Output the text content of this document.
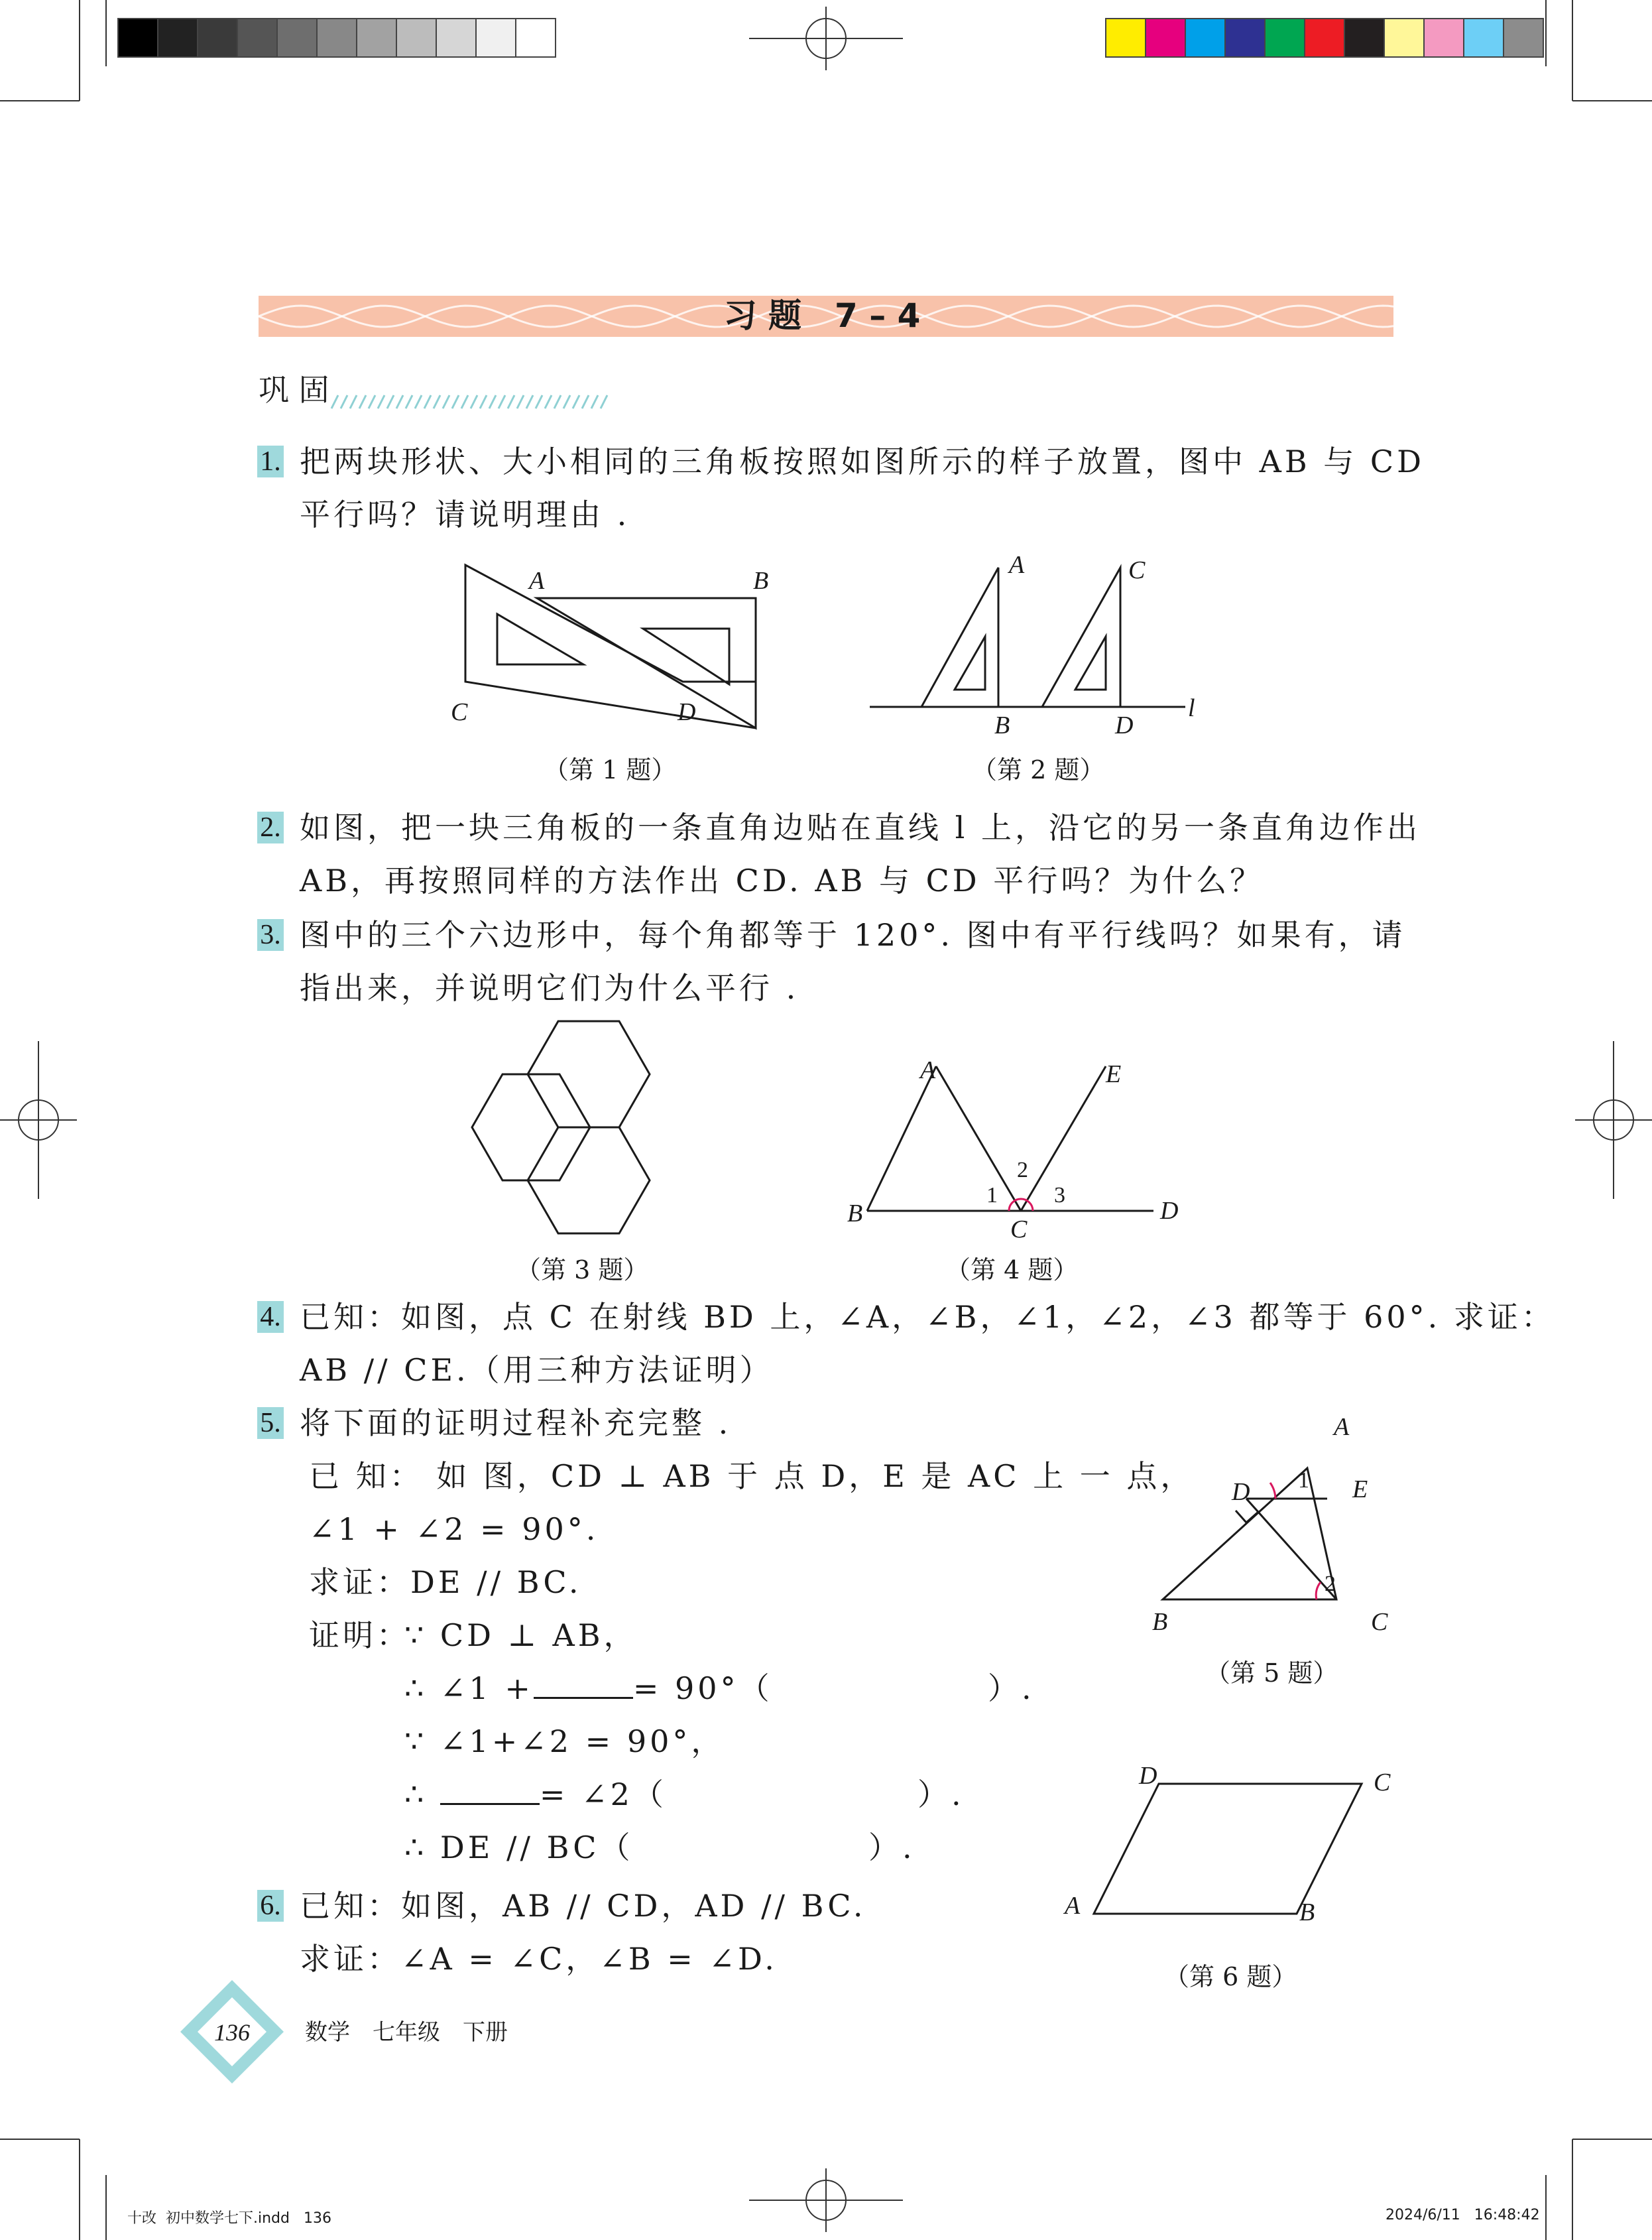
习 题　7 – 4
巩 固
1. 把两块形状、大小相同的三角板按照如图所示的样子放置，图中 AB 与 CD
平行吗？请说明理由 .
A	B
C	D
（第 1 题）
A
B
C
D
l
（第 2 题）
2. 如图，把一块三角板的一条直角边贴在直线 l 上，沿它的另一条直角边作出
AB，再按照同样的方法作出 CD. AB 与 CD 平行吗？为什么？
3. 图中的三个六边形中，每个角都等于 120°. 图中有平行线吗？如果有，请
指出来，并说明它们为什么平行 .
（第 3 题）
A
B
C
D
E
1
2
3
（第 4 题）
4. 已知：如图，点 C 在射线 BD 上，∠A，∠B，∠1，∠2，∠3 都等于 60°. 求证：
AB // CE.（用三种方法证明）
5. 将下面的证明过程补充完整 .
已 知： 如 图，CD ⊥ AB 于 点 D，E 是 AC 上 一 点，
∠1 + ∠2 = 90°.
求证：DE // BC.
证明：
∵ CD ⊥ AB，
∴ ∠1 +	= 90°（	）.
∵ ∠1+∠2 = 90°，
∴	= ∠2（	）.
∴ DE // BC（	）.
A
B	C
D	E
1
2
（第 5 题）
6. 已知：如图，AB // CD，AD // BC.
求证：∠A = ∠C，∠B = ∠D.
A	B
C
D
（第 6 题）
136	数学　七年级　下册
十改  初中数学七下.indd   136	2024/6/11   16:48:42
